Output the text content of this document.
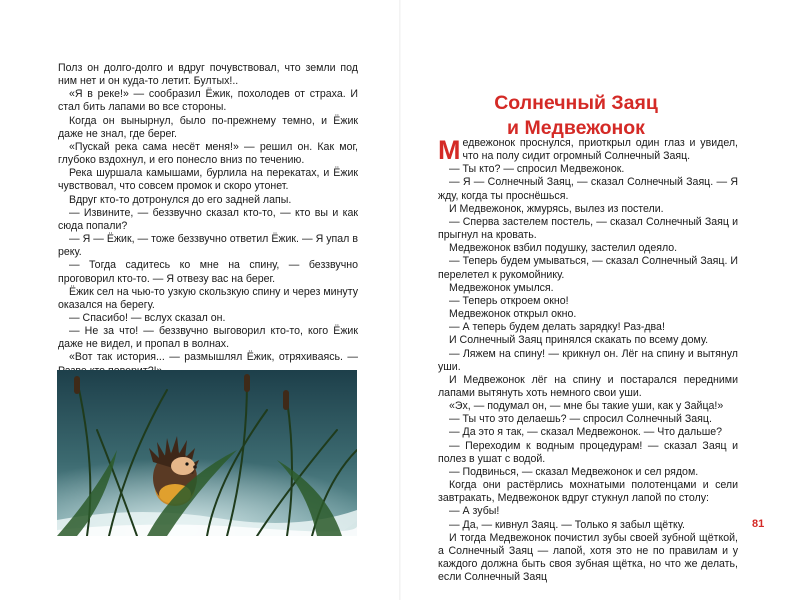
Полз он долго-долго и вдруг почувствовал, что земли под ним нет и он куда-то летит. Бултых!..

«Я в реке!» — сообразил Ёжик, похолодев от страха. И стал бить лапами во все стороны.

Когда он вынырнул, было по-прежнему темно, и Ёжик даже не знал, где берег.

«Пускай река сама несёт меня!» — решил он. Как мог, глубоко вздохнул, и его понесло вниз по течению.

Река шуршала камышами, бурлила на перекатах, и Ёжик чувствовал, что совсем промок и скоро утонет.

Вдруг кто-то дотронулся до его задней лапы.

— Извините, — беззвучно сказал кто-то, — кто вы и как сюда попали?

— Я — Ёжик, — тоже беззвучно ответил Ёжик. — Я упал в реку.

— Тогда садитесь ко мне на спину, — беззвучно проговорил кто-то. — Я отвезу вас на берег.

Ёжик сел на чью-то узкую скользкую спину и через минуту оказался на берегу.

— Спасибо! — вслух сказал он.

— Не за что! — беззвучно выговорил кто-то, кого Ёжик даже не видел, и пропал в волнах.

«Вот так история... — размышлял Ёжик, отряхиваясь. —

Солнечный Заяц
и Медвежонок

Медвежонок проснулся, приоткрыл один глаз и увидел, что на полу сидит огромный Солнечный Заяц.

— Ты кто? — спросил Медвежонок.

— Я — Солнечный Заяц, — сказал Солнечный Заяц. — Я жду, когда ты проснёшься.

И Медвежонок, жмурясь, вылез из постели.

— Сперва застелем постель, — сказал Солнечный Заяц и прыгнул на кровать.

Медвежонок взбил подушку, застелил одеяло.

— Теперь будем умываться, — сказал Солнечный Заяц. И перелетел к рукомойнику.

Медвежонок умылся.

— Теперь откроем окно!

Медвежонок открыл окно.

— А теперь будем делать зарядку! Раз-два!

И Солнечный Заяц принялся скакать по всему дому.

— Ляжем на спину! — крикнул он. Лёг на спину и вытянул уши.

И Медвежонок лёг на спину и постарался передними лапами вытянуть хоть немного свои уши.

«Эх, — подумал он, — мне бы такие уши, как у Зайца!»

— Ты что это делаешь? — спросил Солнечный Заяц.

— Да это я так, — сказал Медвежонок. — Что дальше?

— Переходим к водным процедурам! — сказал Заяц и полез в ушат с водой.

— Подвинься, — сказал Медвежонок и сел рядом.

Когда они растёрлись мохнатыми полотенцами и сели завтракать, Медвежонок вдруг стукнул лапой по столу:

— А зубы!

— Да, — кивнул Заяц. — Только я забыл щётку.

И тогда Медвежонок почистил зубы своей зубной щёткой, а Солнечный Заяц — лапой, хотя это не по правилам и у каждого должна быть своя зубная щётка, но что же делать, если Солнечный Заяц

81
